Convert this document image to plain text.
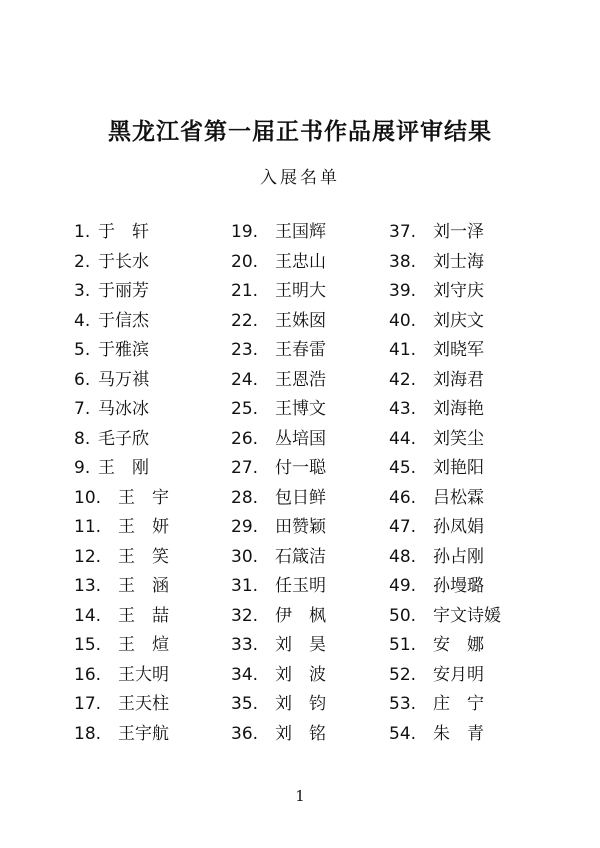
黑龙江省第一届正书作品展评审结果
入展名单
1. 于　轩
2. 于长水
3. 于丽芳
4. 于信杰
5. 于雅滨
6. 马万祺
7. 马冰冰
8. 毛子欣
9. 王　刚
10. 王　宇
11. 王　妍
12. 王　笑
13. 王　涵
14. 王　喆
15. 王　煊
16. 王大明
17. 王天柱
18. 王宇航
19. 王国辉
20. 王忠山
21. 王明大
22. 王姝囡
23. 王春雷
24. 王恩浩
25. 王博文
26. 丛培国
27. 付一聪
28. 包日鲜
29. 田赞颖
30. 石箴洁
31. 任玉明
32. 伊　枫
33. 刘　昊
34. 刘　波
35. 刘　钧
36. 刘　铭
37. 刘一泽
38. 刘士海
39. 刘守庆
40. 刘庆文
41. 刘晓军
42. 刘海君
43. 刘海艳
44. 刘笑尘
45. 刘艳阳
46. 吕松霖
47. 孙凤娟
48. 孙占刚
49. 孙墁璐
50. 宇文诗媛
51. 安　娜
52. 安月明
53. 庄　宁
54. 朱　青
1
